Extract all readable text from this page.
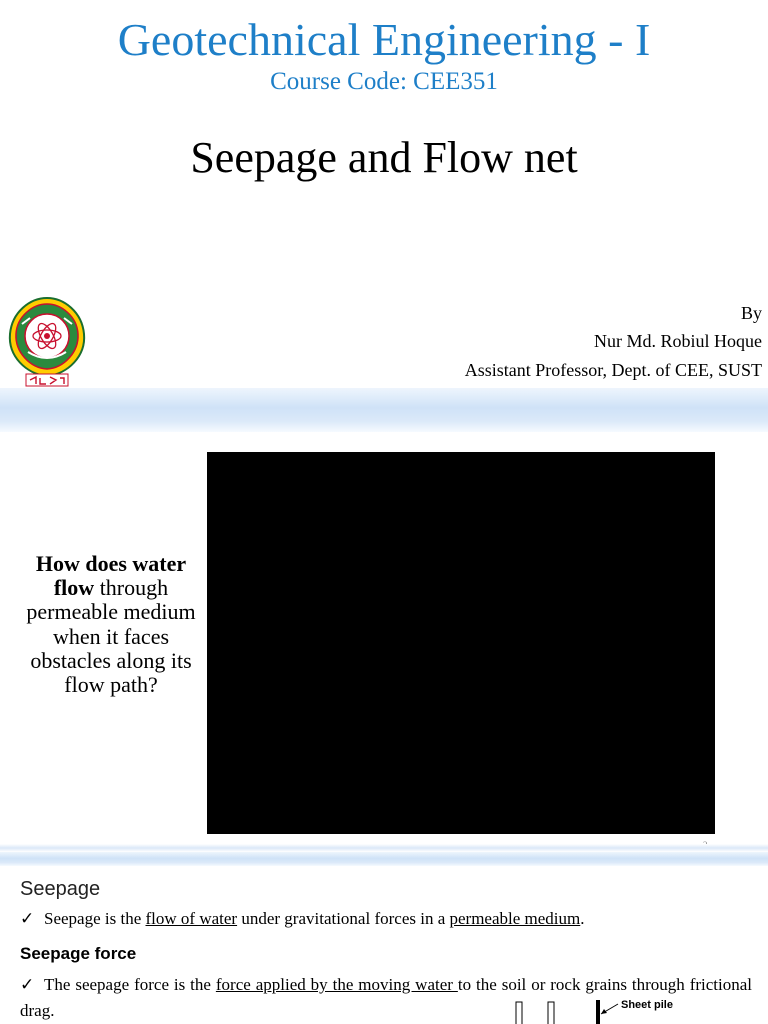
Geotechnical Engineering - I
Course Code: CEE351
Seepage and Flow net
By
Nur Md. Robiul Hoque
Assistant Professor, Dept. of CEE, SUST
How does water flow through permeable medium when it faces obstacles along its flow path?
Seepage
✓ Seepage is the flow of water under gravitational forces in a permeable medium.
Seepage force
✓ The seepage force is the force applied by the moving water to the soil or rock grains through frictional drag.	Sheet pile
